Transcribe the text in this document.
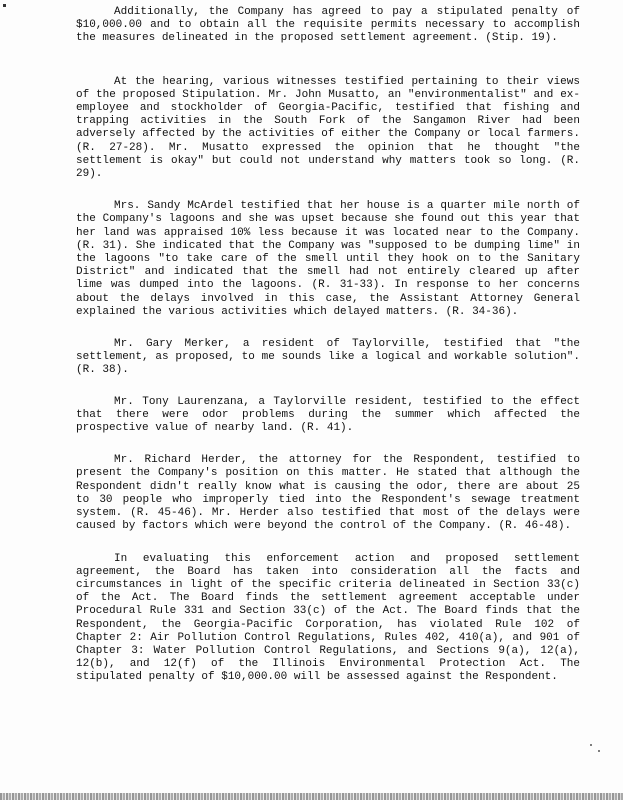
Additionally, the Company has agreed to pay a stipulated penalty of $10,000.00 and to obtain all the requisite permits necessary to accomplish the measures delineated in the proposed settlement agreement. (Stip. 19).

At the hearing, various witnesses testified pertaining to their views of the proposed Stipulation. Mr. John Musatto, an "environmentalist" and ex-employee and stockholder of Georgia-Pacific, testified that fishing and trapping activities in the South Fork of the Sangamon River had been adversely affected by the activities of either the Company or local farmers. (R. 27-28). Mr. Musatto expressed the opinion that he thought "the settlement is okay" but could not understand why matters took so long. (R. 29).

Mrs. Sandy McArdel testified that her house is a quarter mile north of the Company's lagoons and she was upset because she found out this year that her land was appraised 10% less because it was located near to the Company. (R. 31). She indicated that the Company was "supposed to be dumping lime" in the lagoons "to take care of the smell until they hook on to the Sanitary District" and indicated that the smell had not entirely cleared up after lime was dumped into the lagoons. (R. 31-33). In response to her concerns about the delays involved in this case, the Assistant Attorney General explained the various activities which delayed matters. (R. 34-36).

Mr. Gary Merker, a resident of Taylorville, testified that "the settlement, as proposed, to me sounds like a logical and workable solution". (R. 38).

Mr. Tony Laurenzana, a Taylorville resident, testified to the effect that there were odor problems during the summer which affected the prospective value of nearby land. (R. 41).

Mr. Richard Herder, the attorney for the Respondent, testified to present the Company's position on this matter. He stated that although the Respondent didn't really know what is causing the odor, there are about 25 to 30 people who improperly tied into the Respondent's sewage treatment system. (R. 45-46). Mr. Herder also testified that most of the delays were caused by factors which were beyond the control of the Company. (R. 46-48).

In evaluating this enforcement action and proposed settlement agreement, the Board has taken into consideration all the facts and circumstances in light of the specific criteria delineated in Section 33(c) of the Act. The Board finds the settlement agreement acceptable under Procedural Rule 331 and Section 33(c) of the Act. The Board finds that the Respondent, the Georgia-Pacific Corporation, has violated Rule 102 of Chapter 2: Air Pollution Control Regulations, Rules 402, 410(a), and 901 of Chapter 3: Water Pollution Control Regulations, and Sections 9(a), 12(a), 12(b), and 12(f) of the Illinois Environmental Protection Act. The stipulated penalty of $10,000.00 will be assessed against the Respondent.
